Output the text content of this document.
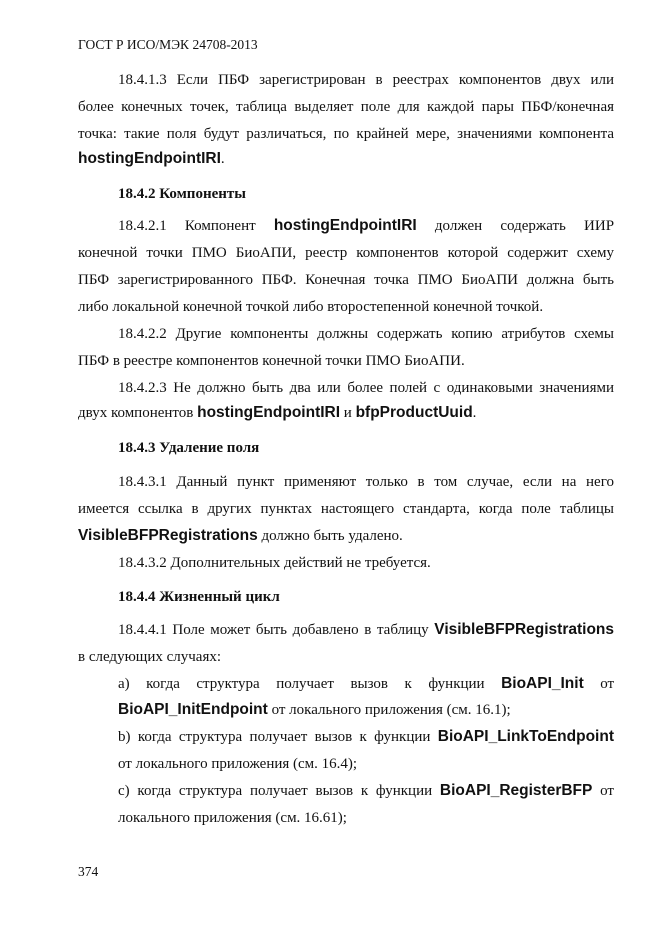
ГОСТ Р ИСО/МЭК 24708-2013
18.4.1.3 Если ПБФ зарегистрирован в реестрах компонентов двух или
более конечных точек, таблица выделяет поле для каждой пары ПБФ/конечная
точка: такие поля будут различаться, по крайней мере, значениями компонента
hostingEndpointIRI.
18.4.2 Компоненты
18.4.2.1 Компонент hostingEndpointIRI должен содержать ИИР
конечной точки ПМО БиоАПИ, реестр компонентов которой содержит схему
ПБФ зарегистрированного ПБФ. Конечная точка ПМО БиоАПИ должна быть
либо локальной конечной точкой либо второстепенной конечной точкой.
18.4.2.2 Другие компоненты должны содержать копию атрибутов схемы
ПБФ в реестре компонентов конечной точки ПМО БиоАПИ.
18.4.2.3 Не должно быть два или более полей с одинаковыми значениями
двух компонентов hostingEndpointIRI и bfpProductUuid.
18.4.3 Удаление поля
18.4.3.1 Данный пункт применяют только в том случае, если на него
имеется ссылка в других пунктах настоящего стандарта, когда поле таблицы
VisibleBFPRegistrations должно быть удалено.
18.4.3.2 Дополнительных действий не требуется.
18.4.4 Жизненный цикл
18.4.4.1 Поле может быть добавлено в таблицу VisibleBFPRegistrations
в следующих случаях:
а) когда структура получает вызов к функции BioAPI_Init от
BioAPI_InitEndpoint от локального приложения (см. 16.1);
b) когда структура получает вызов к функции BioAPI_LinkToEndpoint
от локального приложения (см. 16.4);
c) когда структура получает вызов к функции BioAPI_RegisterBFP от
локального приложения (см. 16.61);
374
